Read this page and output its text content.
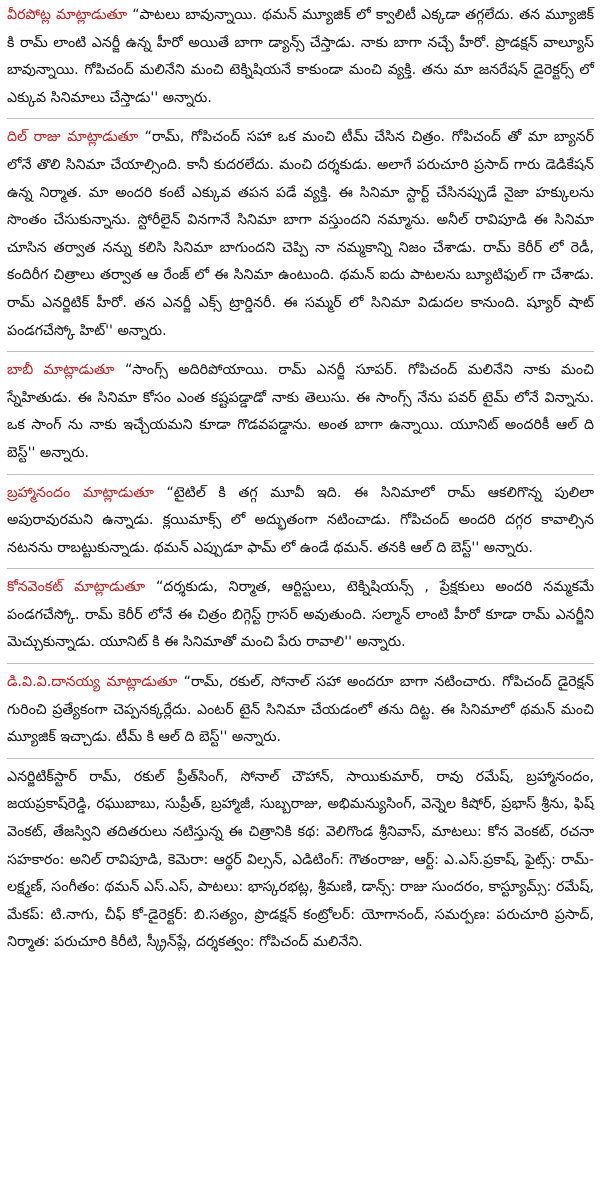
వీరపోట్ల మాట్లాడుతూ “పాటలు బావున్నాయి. థమన్ మ్యూజిక్ లో క్వాలిటీ ఎక్కడా తగ్గలేదు. తన మ్యూజిక్ కి రామ్ లాంటి ఎనర్జీ ఉన్న హీరో అయితే బాగా డ్యాన్స్ చేస్తాడు. నాకు బాగా నచ్చే హీరో. ప్రొడక్షన్ వాల్యూస్ బావున్నాయి. గోపిచంద్ మలినేని మంచి టెక్నిషియనే కాకుండా మంచి వ్యక్తి. తను మా జనరేషన్ డైరెక్టర్స్ లో ఎక్కువ సినిమాలు చేస్తాడు'' అన్నారు.

దిల్ రాజు మాట్లాడుతూ “రామ్, గోపిచంద్ సహా ఒక మంచి టీమ్ చేసిన చిత్రం. గోపిచంద్ తో మా బ్యానర్ లోనే తొలి సినిమా చేయాల్సింది. కానీ కుదరలేదు. మంచి దర్శకుడు. అలాగే పరుచూరి ప్రసాద్ గారు డెడికేషన్ ఉన్న నిర్మాత. మా అందరి కంటే ఎక్కువ తపన పడే వ్యక్తి. ఈ సినిమా స్టార్ట్ చేసినప్పుడే నైజా హక్కులను సొంతం చేసుకున్నాను. స్టోరీలైన్ వినగానే సినిమా బాగా వస్తుందని నమ్మాను. అనీల్ రావిపూడి ఈ సినిమా చూసిన తర్వాత నన్ను కలిసి సినిమా బాగుందని చెప్పి నా నమ్మకాన్ని నిజం చేశాడు. రామ్ కెరీర్ లో రెడీ, కందిరీగ చిత్రాలు తర్వాత ఆ రేంజ్ లో ఈ సినిమా ఉంటుంది. థమన్ ఐదు పాటలను బ్యూటిఫుల్ గా చేశాడు. రామ్ ఎనర్జిటిక్ హీరో. తన ఎనర్జీ ఎక్స్ ట్రార్డినరీ. ఈ సమ్మర్ లో సినిమా విడుదల కానుంది. ష్యూర్ షాట్ పండగచేస్కో హిట్'' అన్నారు.

బాబీ మాట్లాడుతూ “సాంగ్స్ అదిరిపోయాయి. రామ్ ఎనర్జీ సూపర్. గోపిచంద్ మలినేని నాకు మంచి స్నేహితుడు. ఈ సినిమా కోసం ఎంత కష్టపడ్డాడో నాకు తెలుసు. ఈ సాంగ్స్ నేను పవర్ టైమ్ లోనే విన్నాను. ఒక సాంగ్ ను నాకు ఇచ్చేయమని కూడా గొడవపడ్డాను. అంత బాగా ఉన్నాయి. యూనిట్ అందరికీ ఆల్ ది బెస్ట్'' అన్నారు.

బ్రహ్మానందం మాట్లాడుతూ “టైటిల్ కి తగ్గ మూవీ ఇది. ఈ సినిమాలో రామ్ ఆకలిగొన్న పులిలా అపురావురమని ఉన్నాడు. క్లయిమాక్స్ లో అద్భుతంగా నటించాడు. గోపిచంద్ అందరి దగ్గర కావాల్సిన నటనను రాబట్టుకున్నాడు. థమన్ ఎప్పుడూ ఫామ్ లో ఉండే థమన్. తనకి ఆల్ ది బెస్ట్'' అన్నారు.

కోనవెంకట్ మాట్లాడుతూ “దర్శకుడు, నిర్మాత, ఆర్టిస్టులు, టెక్నిషియన్స్ , ప్రేక్షకులు అందరి నమ్మకమే పండగచేస్కో. రామ్ కెరీర్ లోనే ఈ చిత్రం బిగ్గెస్ట్ గ్రాసర్ అవుతుంది. సల్మాన్ లాంటి హీరో కూడా రామ్ ఎనర్జీని మెచ్చుకున్నాడు. యూనిట్ కి ఈ సినిమాతో మంచి పేరు రావాలి'' అన్నారు.

డి.వి.వి.దానయ్య మాట్లాడుతూ “రామ్, రకుల్, సోనాల్ సహా అందరూ బాగా నటించారు. గోపిచంద్ డైరెక్షన్ గురించి ప్రత్యేకంగా చెప్పనక్కర్లేదు. ఎంటర్ టైన్ సినిమా చేయడంలో తను దిట్ట. ఈ సినిమాలో థమన్ మంచి మ్యూజిక్ ఇచ్చాడు. టీమ్ కి ఆల్ ది బెస్ట్'' అన్నారు.

ఎనర్జిటిక్‌స్టార్ రామ్, రకుల్ ప్రీత్‌సింగ్, సోనాల్ చౌహాన్, సాయికుమార్, రావు రమేష్, బ్రహ్మానందం, జయప్రకాష్‌రెడ్డి, రఘుబాబు, సుప్రీత్, బ్రహ్మాజీ, సుబ్బరాజు, అభిమన్యుసింగ్, వెన్నెల కిషోర్, ప్రభాస్ శ్రీను, ఫిష్ వెంకట్, తేజస్విని తదితరులు నటిస్తున్న ఈ చిత్రానికి కథ: వెలిగొండ శ్రీనివాస్, మాటలు: కోన వెంకట్, రచనా సహకారం: అనిల్ రావిపూడి, కెమెరా: ఆర్థర్ విల్సన్, ఎడిటింగ్: గౌతంరాజు, ఆర్ట్: ఎ.ఎస్.ప్రకాష్, ఫైట్స్: రామ్-లక్ష్మణ్, సంగీతం: థమన్ ఎస్.ఎస్, పాటలు: భాస్కరభట్ల, శ్రీమణి, డాన్స్: రాజు సుందరం, కాస్ట్యూమ్స్: రమేష్, మేకప్: టి.నాగు, చీఫ్ కో-డైరెక్టర్: బి.సత్యం, ప్రొడక్షన్ కంట్రోలర్: యోగానంద్, సమర్పణ: పరుచూరి ప్రసాద్, నిర్మాత: పరుచూరి కిరీటి, స్క్రీన్‌ప్లే, దర్శకత్వం: గోపిచంద్ మలినేని.
